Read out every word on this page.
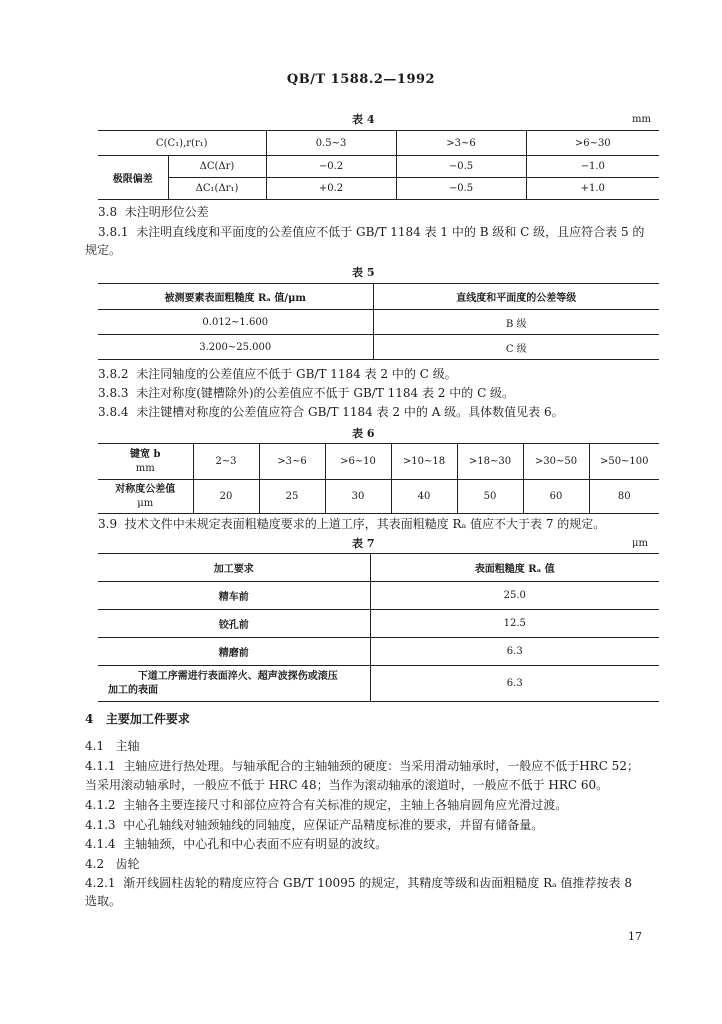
QB/T 1588.2—1992
表 4	mm
C(C₁),r(r₁)		0.5~3	>3~6	>6~30
极限偏差	ΔC(Δr)	−0.2	−0.5	−1.0
	ΔC₁(Δr₁)	+0.2	−0.5	+1.0
3.8 未注明形位公差
3.8.1 未注明直线度和平面度的公差值应不低于 GB/T 1184 表 1 中的 B 级和 C 级，且应符合表 5 的
规定。
表 5
被测要素表面粗糙度 Rₐ 值/μm	直线度和平面度的公差等级
0.012~1.600	B 级
3.200~25.000	C 级
3.8.2 未注同轴度的公差值应不低于 GB/T 1184 表 2 中的 C 级。
3.8.3 未注对称度(键槽除外)的公差值应不低于 GB/T 1184 表 2 中的 C 级。
3.8.4 未注键槽对称度的公差值应符合 GB/T 1184 表 2 中的 A 级。具体数值见表 6。
表 6
键宽 b
mm	2~3	>3~6	>6~10	>10~18	>18~30	>30~50	>50~100

对称度公差值
μm	20	25	30	40	50	60	80
3.9 技术文件中未规定表面粗糙度要求的上道工序，其表面粗糙度 Rₐ 值应不大于表 7 的规定。
表 7	μm
加工要求	表面粗糙度 Rₐ 值
精车前	25.0
铰孔前	12.5
精磨前	6.3

下道工序需进行表面淬火、超声波探伤或滚压
加工的表面	6.3
4 主要加工件要求
4.1 主轴
4.1.1 主轴应进行热处理。与轴承配合的主轴轴颈的硬度：当采用滑动轴承时，一般应不低于HRC 52；
当采用滚动轴承时，一般应不低于 HRC 48；当作为滚动轴承的滚道时，一般应不低于 HRC 60。
4.1.2 主轴各主要连接尺寸和部位应符合有关标准的规定，主轴上各轴肩圆角应光滑过渡。
4.1.3 中心孔轴线对轴颈轴线的同轴度，应保证产品精度标准的要求，并留有储备量。
4.1.4 主轴轴颈，中心孔和中心表面不应有明显的波纹。
4.2 齿轮
4.2.1 渐开线圆柱齿轮的精度应符合 GB/T 10095 的规定，其精度等级和齿面粗糙度 Rₐ 值推荐按表 8
选取。
17
